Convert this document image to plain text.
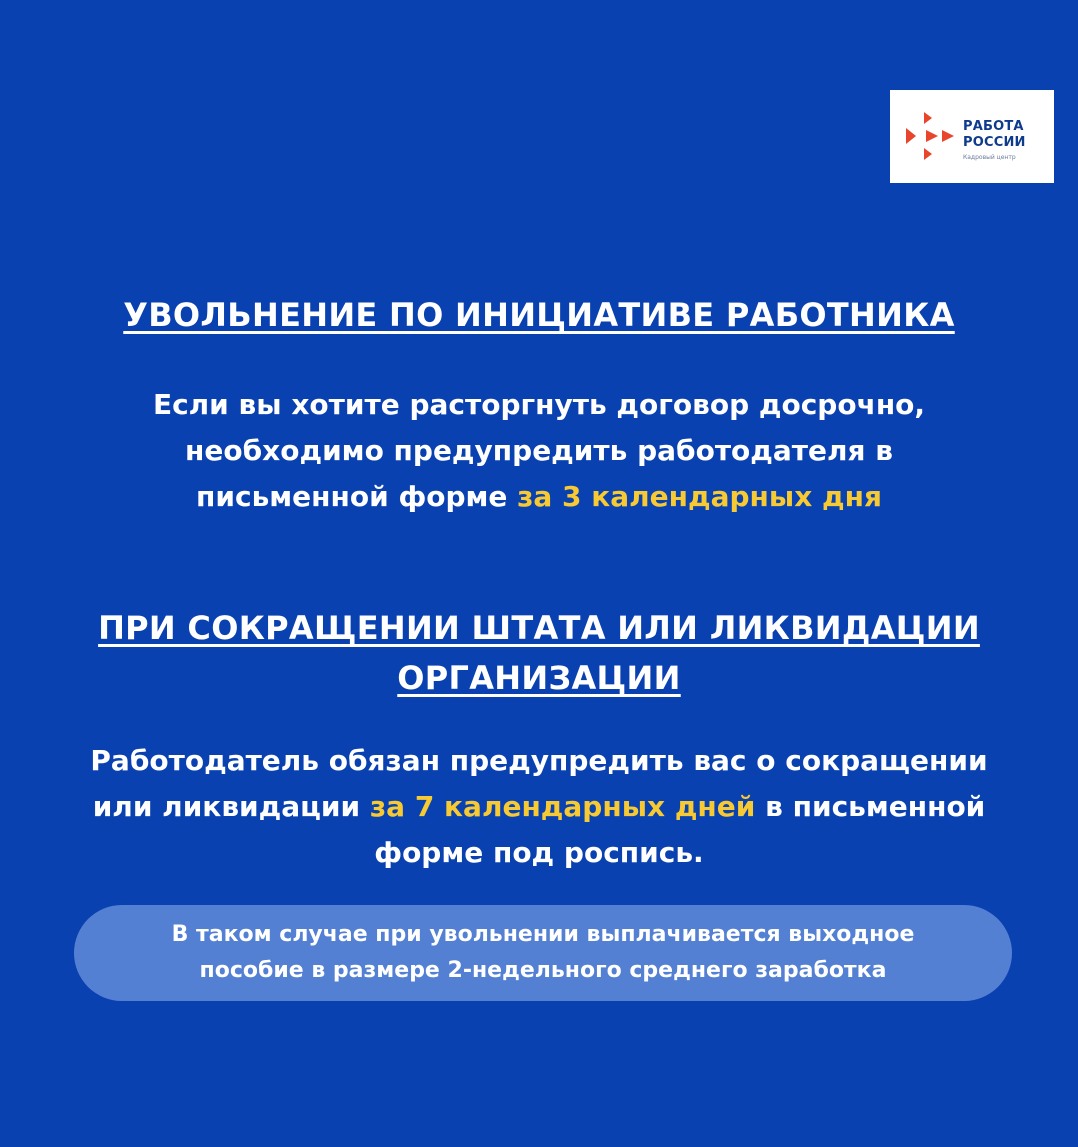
РАБОТА
РОССИИ
Кадровый центр
УВОЛЬНЕНИЕ ПО ИНИЦИАТИВЕ РАБОТНИКА

Если вы хотите расторгнуть договор досрочно,
необходимо предупредить работодателя в
письменной форме за 3 календарных дня

ПРИ СОКРАЩЕНИИ ШТАТА ИЛИ ЛИКВИДАЦИИ
ОРГАНИЗАЦИИ

Работодатель обязан предупредить вас о сокращении
или ликвидации за 7 календарных дней в письменной
форме под роспись.

В таком случае при увольнении выплачивается выходное
пособие в размере 2-недельного среднего заработка
